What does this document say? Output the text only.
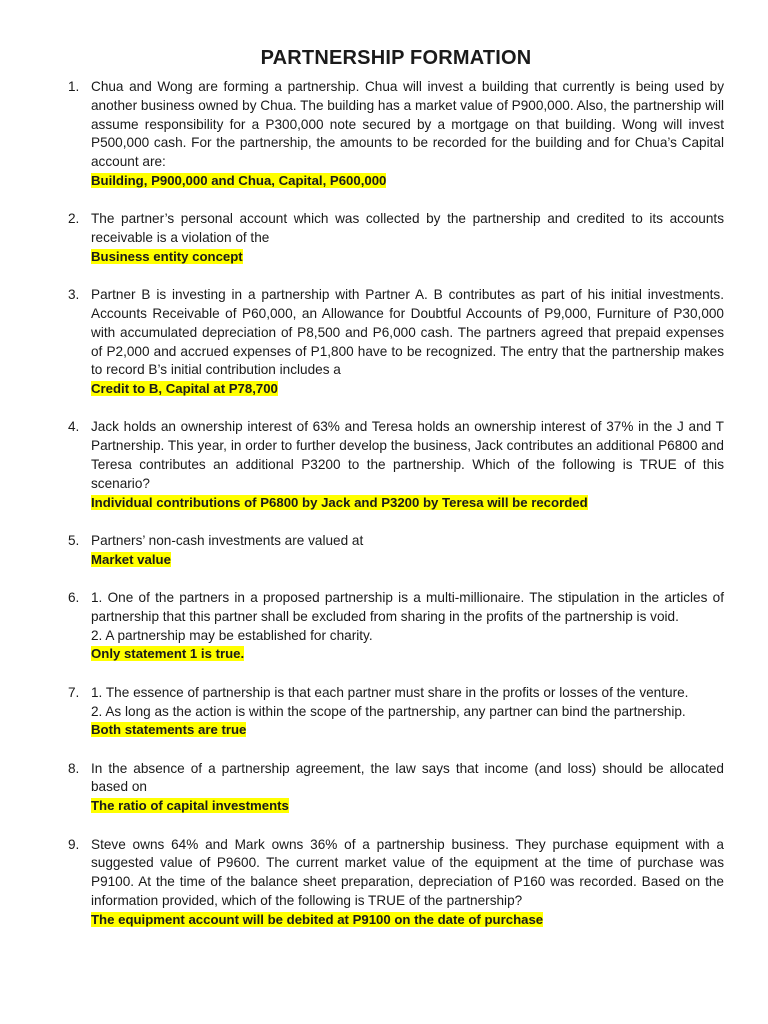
PARTNERSHIP FORMATION
1. Chua and Wong are forming a partnership. Chua will invest a building that currently is being used by another business owned by Chua. The building has a market value of P900,000. Also, the partnership will assume responsibility for a P300,000 note secured by a mortgage on that building. Wong will invest P500,000 cash. For the partnership, the amounts to be recorded for the building and for Chua’s Capital account are:
Building, P900,000 and Chua, Capital, P600,000
2. The partner’s personal account which was collected by the partnership and credited to its accounts receivable is a violation of the
Business entity concept
3. Partner B is investing in a partnership with Partner A. B contributes as part of his initial investments. Accounts Receivable of P60,000, an Allowance for Doubtful Accounts of P9,000, Furniture of P30,000 with accumulated depreciation of P8,500 and P6,000 cash. The partners agreed that prepaid expenses of P2,000 and accrued expenses of P1,800 have to be recognized. The entry that the partnership makes to record B’s initial contribution includes a
Credit to B, Capital at P78,700
4. Jack holds an ownership interest of 63% and Teresa holds an ownership interest of 37% in the J and T Partnership. This year, in order to further develop the business, Jack contributes an additional P6800 and Teresa contributes an additional P3200 to the partnership. Which of the following is TRUE of this scenario?
Individual contributions of P6800 by Jack and P3200 by Teresa will be recorded
5. Partners’ non-cash investments are valued at
Market value
6. 1. One of the partners in a proposed partnership is a multi-millionaire. The stipulation in the articles of partnership that this partner shall be excluded from sharing in the profits of the partnership is void.
2. A partnership may be established for charity.
Only statement 1 is true.
7. 1. The essence of partnership is that each partner must share in the profits or losses of the venture.
2. As long as the action is within the scope of the partnership, any partner can bind the partnership.
Both statements are true
8. In the absence of a partnership agreement, the law says that income (and loss) should be allocated based on
The ratio of capital investments
9. Steve owns 64% and Mark owns 36% of a partnership business. They purchase equipment with a suggested value of P9600. The current market value of the equipment at the time of purchase was P9100. At the time of the balance sheet preparation, depreciation of P160 was recorded. Based on the information provided, which of the following is TRUE of the partnership?
The equipment account will be debited at P9100 on the date of purchase
